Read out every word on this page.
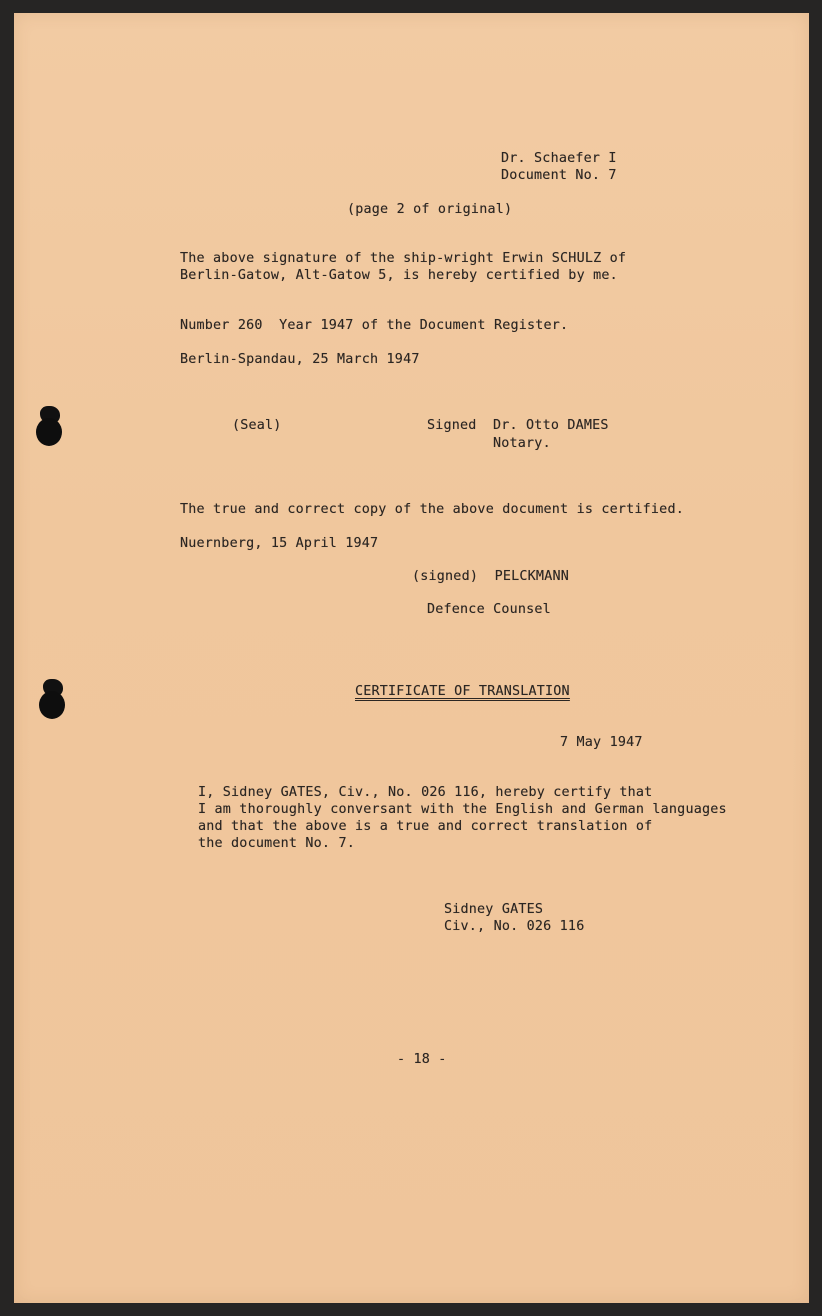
Dr. Schaefer I
Document No. 7
(page 2 of original)
The above signature of the ship-wright Erwin SCHULZ of
Berlin-Gatow, Alt-Gatow 5, is hereby certified by me.
Number 260  Year 1947 of the Document Register.
Berlin-Spandau, 25 March 1947
(Seal)	Signed Dr. Otto DAMES
Notary.
The true and correct copy of the above document is certified.
Nuernberg, 15 April 1947
(signed)  PELCKMANN
Defence Counsel
CERTIFICATE OF TRANSLATION
7 May 1947
I, Sidney GATES, Civ., No. 026 116, hereby certify that
I am thoroughly conversant with the English and German languages
and that the above is a true and correct translation of
the document No. 7.
Sidney GATES
Civ., No. 026 116
- 18 -
